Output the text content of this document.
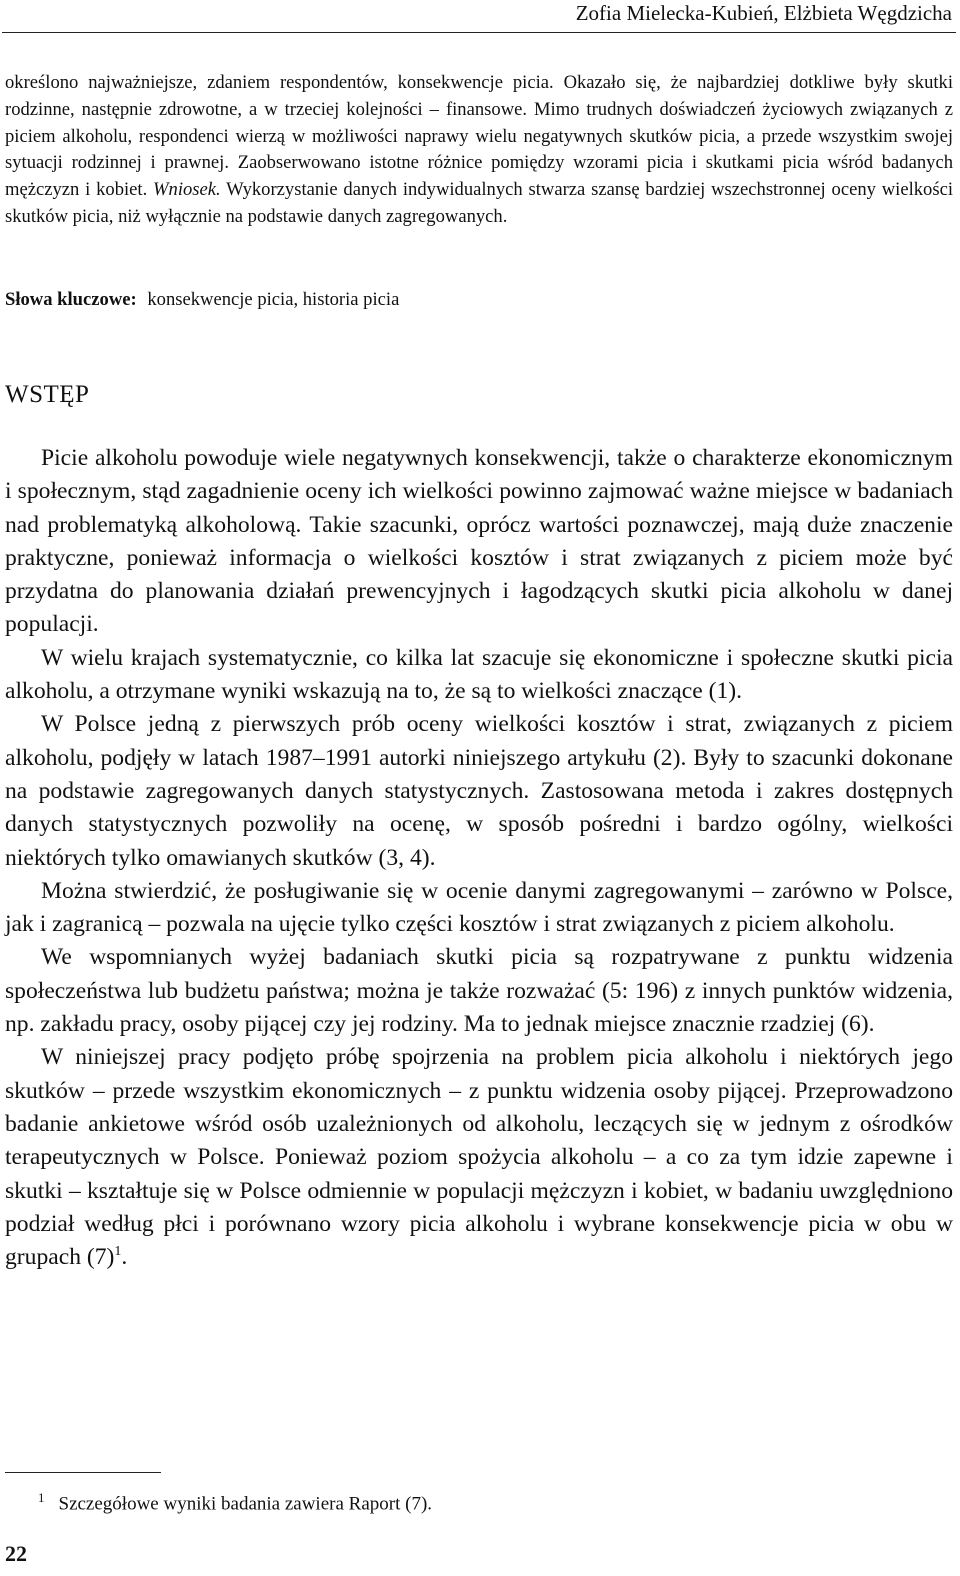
Zofia Mielecka-Kubień, Elżbieta Węgdzicha

określono najważniejsze, zdaniem respondentów, konsekwencje picia. Okazało się, że najbardziej dotkliwe były skutki rodzinne, następnie zdrowotne, a w trzeciej kolejności – finansowe. Mimo trudnych doświadczeń życiowych związanych z piciem alkoholu, respondenci wierzą w możliwości naprawy wielu negatywnych skutków picia, a przede wszystkim swojej sytuacji rodzinnej i prawnej. Zaobserwowano istotne różnice pomiędzy wzorami picia i skutkami picia wśród badanych mężczyzn i kobiet. Wniosek. Wykorzystanie danych indywidualnych stwarza szansę bardziej wszechstronnej oceny wielkości skutków picia, niż wyłącznie na podstawie danych zagregowanych.

Słowa kluczowe: konsekwencje picia, historia picia
WSTĘP

Picie alkoholu powoduje wiele negatywnych konsekwencji, także o charakterze ekonomicznym i społecznym, stąd zagadnienie oceny ich wielkości powinno zajmować ważne miejsce w badaniach nad problematyką alkoholową. Takie szacunki, oprócz wartości poznawczej, mają duże znaczenie praktyczne, ponieważ informacja o wielkości kosztów i strat związanych z piciem może być przydatna do planowania działań prewencyjnych i łagodzących skutki picia alkoholu w danej populacji.

W wielu krajach systematycznie, co kilka lat szacuje się ekonomiczne i społeczne skutki picia alkoholu, a otrzymane wyniki wskazują na to, że są to wielkości znaczące (1).

W Polsce jedną z pierwszych prób oceny wielkości kosztów i strat, związanych z piciem alkoholu, podjęły w latach 1987–1991 autorki niniejszego artykułu (2). Były to szacunki dokonane na podstawie zagregowanych danych statystycznych. Zastosowana metoda i zakres dostępnych danych statystycznych pozwoliły na ocenę, w sposób pośredni i bardzo ogólny, wielkości niektórych tylko omawianych skutków (3, 4).

Można stwierdzić, że posługiwanie się w ocenie danymi zagregowanymi – zarówno w Polsce, jak i zagranicą – pozwala na ujęcie tylko części kosztów i strat związanych z piciem alkoholu.

We wspomnianych wyżej badaniach skutki picia są rozpatrywane z punktu widzenia społeczeństwa lub budżetu państwa; można je także rozważać (5: 196) z innych punktów widzenia, np. zakładu pracy, osoby pijącej czy jej rodziny. Ma to jednak miejsce znacznie rzadziej (6).

W niniejszej pracy podjęto próbę spojrzenia na problem picia alkoholu i niektórych jego skutków – przede wszystkim ekonomicznych – z punktu widzenia osoby pijącej. Przeprowadzono badanie ankietowe wśród osób uzależnionych od alkoholu, leczących się w jednym z ośrodków terapeutycznych w Polsce. Ponieważ poziom spożycia alkoholu – a co za tym idzie zapewne i skutki – kształtuje się w Polsce odmiennie w populacji mężczyzn i kobiet, w badaniu uwzględniono podział według płci i porównano wzory picia alkoholu i wybrane konsekwencje picia w obu w grupach $(7)^1$.

$^1$ Szczegółowe wyniki badania zawiera Raport (7).
22
